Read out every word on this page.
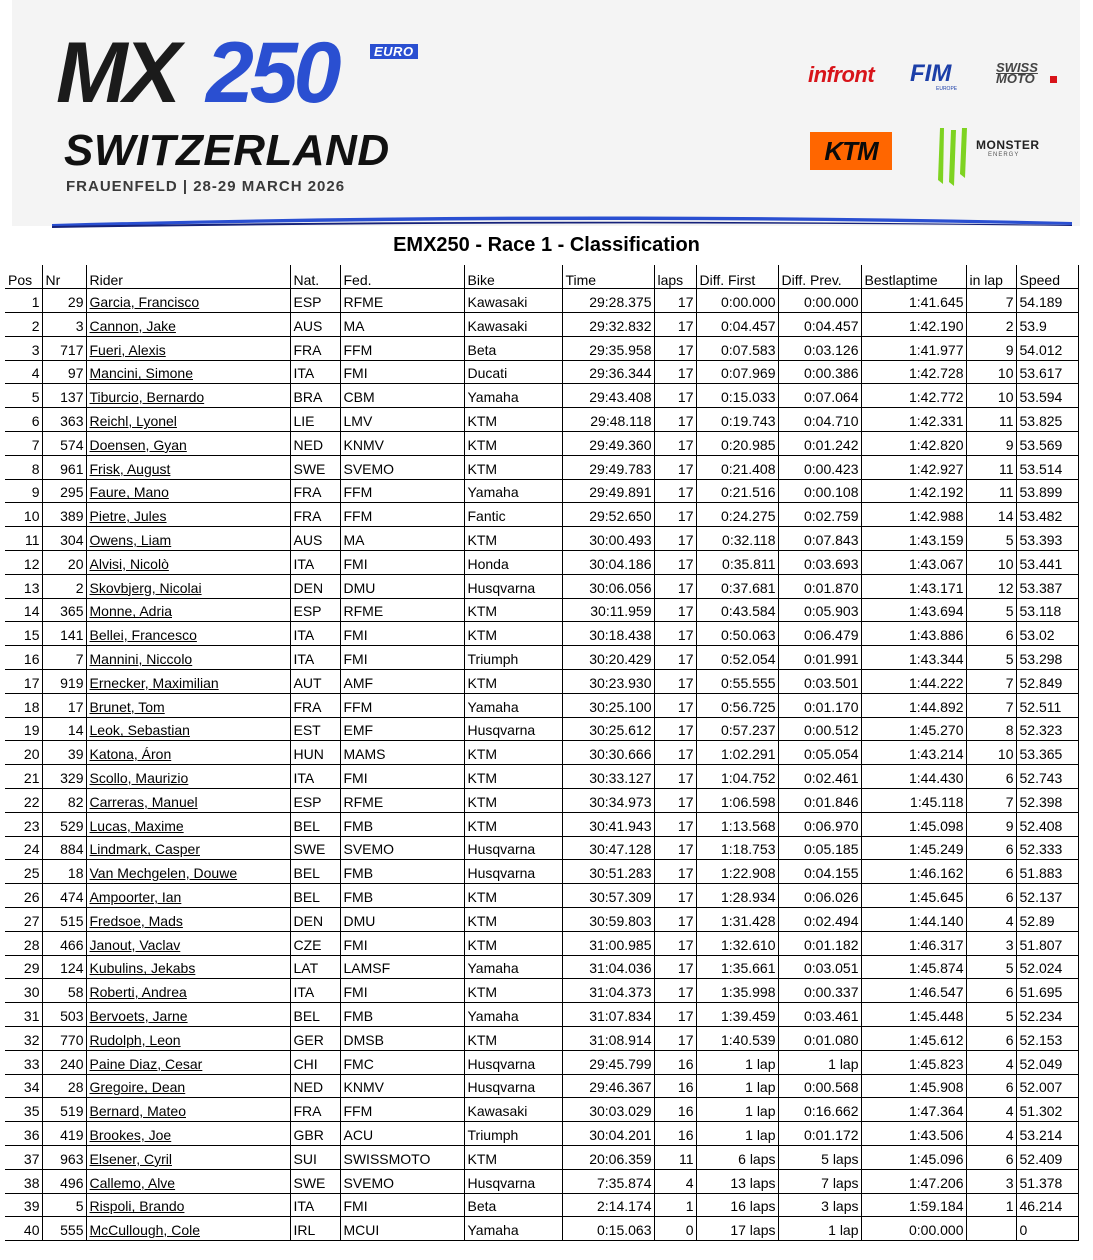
MX 250	EURO
SWITZERLAND
FRAUENFELD | 28-29 MARCH 2026
infront FIM
EUROPE
SWISS
MOTO
KTM	MONSTER
ENERGY
EMX250 - Race 1 - Classification
Pos	Nr	Rider	Nat.	Fed.	Bike	Time	laps	Diff. First	Diff. Prev.	Bestlaptime	in lap	Speed
1	29	Garcia, Francisco	ESP	RFME	Kawasaki	29:28.375	17	0:00.000	0:00.000	1:41.645	7	54.189
2	3	Cannon, Jake	AUS	MA	Kawasaki	29:32.832	17	0:04.457	0:04.457	1:42.190	2	53.9
3	717	Fueri, Alexis	FRA	FFM	Beta	29:35.958	17	0:07.583	0:03.126	1:41.977	9	54.012
4	97	Mancini, Simone	ITA	FMI	Ducati	29:36.344	17	0:07.969	0:00.386	1:42.728	10	53.617
5	137	Tiburcio, Bernardo	BRA	CBM	Yamaha	29:43.408	17	0:15.033	0:07.064	1:42.772	10	53.594
6	363	Reichl, Lyonel	LIE	LMV	KTM	29:48.118	17	0:19.743	0:04.710	1:42.331	11	53.825
7	574	Doensen, Gyan	NED	KNMV	KTM	29:49.360	17	0:20.985	0:01.242	1:42.820	9	53.569
8	961	Frisk, August	SWE	SVEMO	KTM	29:49.783	17	0:21.408	0:00.423	1:42.927	11	53.514
9	295	Faure, Mano	FRA	FFM	Yamaha	29:49.891	17	0:21.516	0:00.108	1:42.192	11	53.899
10	389	Pietre, Jules	FRA	FFM	Fantic	29:52.650	17	0:24.275	0:02.759	1:42.988	14	53.482
11	304	Owens, Liam	AUS	MA	KTM	30:00.493	17	0:32.118	0:07.843	1:43.159	5	53.393
12	20	Alvisi, Nicolò	ITA	FMI	Honda	30:04.186	17	0:35.811	0:03.693	1:43.067	10	53.441
13	2	Skovbjerg, Nicolai	DEN	DMU	Husqvarna	30:06.056	17	0:37.681	0:01.870	1:43.171	12	53.387
14	365	Monne, Adria	ESP	RFME	KTM	30:11.959	17	0:43.584	0:05.903	1:43.694	5	53.118
15	141	Bellei, Francesco	ITA	FMI	KTM	30:18.438	17	0:50.063	0:06.479	1:43.886	6	53.02
16	7	Mannini, Niccolo	ITA	FMI	Triumph	30:20.429	17	0:52.054	0:01.991	1:43.344	5	53.298
17	919	Ernecker, Maximilian	AUT	AMF	KTM	30:23.930	17	0:55.555	0:03.501	1:44.222	7	52.849
18	17	Brunet, Tom	FRA	FFM	Yamaha	30:25.100	17	0:56.725	0:01.170	1:44.892	7	52.511
19	14	Leok, Sebastian	EST	EMF	Husqvarna	30:25.612	17	0:57.237	0:00.512	1:45.270	8	52.323
20	39	Katona, Áron	HUN	MAMS	KTM	30:30.666	17	1:02.291	0:05.054	1:43.214	10	53.365
21	329	Scollo, Maurizio	ITA	FMI	KTM	30:33.127	17	1:04.752	0:02.461	1:44.430	6	52.743
22	82	Carreras, Manuel	ESP	RFME	KTM	30:34.973	17	1:06.598	0:01.846	1:45.118	7	52.398
23	529	Lucas, Maxime	BEL	FMB	KTM	30:41.943	17	1:13.568	0:06.970	1:45.098	9	52.408
24	884	Lindmark, Casper	SWE	SVEMO	Husqvarna	30:47.128	17	1:18.753	0:05.185	1:45.249	6	52.333
25	18	Van Mechgelen, Douwe	BEL	FMB	Husqvarna	30:51.283	17	1:22.908	0:04.155	1:46.162	6	51.883
26	474	Ampoorter, Ian	BEL	FMB	KTM	30:57.309	17	1:28.934	0:06.026	1:45.645	6	52.137
27	515	Fredsoe, Mads	DEN	DMU	KTM	30:59.803	17	1:31.428	0:02.494	1:44.140	4	52.89
28	466	Janout, Vaclav	CZE	FMI	KTM	31:00.985	17	1:32.610	0:01.182	1:46.317	3	51.807
29	124	Kubulins, Jekabs	LAT	LAMSF	Yamaha	31:04.036	17	1:35.661	0:03.051	1:45.874	5	52.024
30	58	Roberti, Andrea	ITA	FMI	KTM	31:04.373	17	1:35.998	0:00.337	1:46.547	6	51.695
31	503	Bervoets, Jarne	BEL	FMB	Yamaha	31:07.834	17	1:39.459	0:03.461	1:45.448	5	52.234
32	770	Rudolph, Leon	GER	DMSB	KTM	31:08.914	17	1:40.539	0:01.080	1:45.612	6	52.153
33	240	Paine Diaz, Cesar	CHI	FMC	Husqvarna	29:45.799	16	1 lap	1 lap	1:45.823	4	52.049
34	28	Gregoire, Dean	NED	KNMV	Husqvarna	29:46.367	16	1 lap	0:00.568	1:45.908	6	52.007
35	519	Bernard, Mateo	FRA	FFM	Kawasaki	30:03.029	16	1 lap	0:16.662	1:47.364	4	51.302
36	419	Brookes, Joe	GBR	ACU	Triumph	30:04.201	16	1 lap	0:01.172	1:43.506	4	53.214
37	963	Elsener, Cyril	SUI	SWISSMOTO	KTM	20:06.359	11	6 laps	5 laps	1:45.096	6	52.409
38	496	Callemo, Alve	SWE	SVEMO	Husqvarna	7:35.874	4	13 laps	7 laps	1:47.206	3	51.378
39	5	Rispoli, Brando	ITA	FMI	Beta	2:14.174	1	16 laps	3 laps	1:59.184	1	46.214
40	555	McCullough, Cole	IRL	MCUI	Yamaha	0:15.063	0	17 laps	1 lap	0:00.000		0
